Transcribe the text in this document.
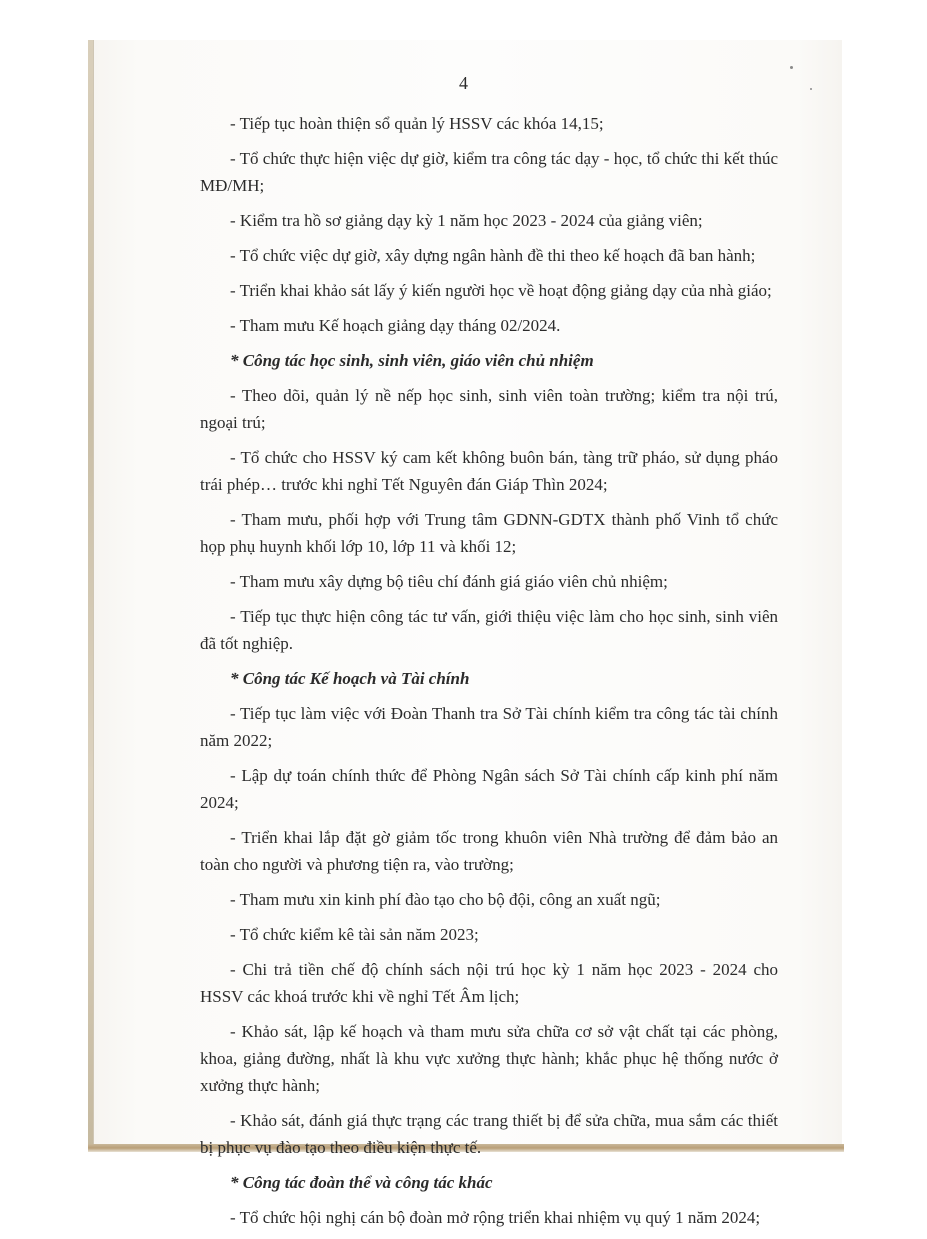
4

- Tiếp tục hoàn thiện sổ quản lý HSSV các khóa 14,15;

- Tổ chức thực hiện việc dự giờ, kiểm tra công tác dạy - học, tổ chức thi kết thúc MĐ/MH;

- Kiểm tra hồ sơ giảng dạy kỳ 1 năm học 2023 - 2024 của giảng viên;

- Tổ chức việc dự giờ, xây dựng ngân hành đề thi theo kế hoạch đã ban hành;

- Triển khai khảo sát lấy ý kiến người học về hoạt động giảng dạy của nhà giáo;

- Tham mưu Kế hoạch giảng dạy tháng 02/2024.

* Công tác học sinh, sinh viên, giáo viên chủ nhiệm

- Theo dõi, quản lý nề nếp học sinh, sinh viên toàn trường; kiểm tra nội trú, ngoại trú;

- Tổ chức cho HSSV ký cam kết không buôn bán, tàng trữ pháo, sử dụng pháo trái phép… trước khi nghỉ Tết Nguyên đán Giáp Thìn 2024;

- Tham mưu, phối hợp với Trung tâm GDNN-GDTX thành phố Vinh tổ chức họp phụ huynh khối lớp 10, lớp 11 và khối 12;

- Tham mưu xây dựng bộ tiêu chí đánh giá giáo viên chủ nhiệm;

- Tiếp tục thực hiện công tác tư vấn, giới thiệu việc làm cho học sinh, sinh viên đã tốt nghiệp.

* Công tác Kế hoạch và Tài chính

- Tiếp tục làm việc với Đoàn Thanh tra Sở Tài chính kiểm tra công tác tài chính năm 2022;

- Lập dự toán chính thức để Phòng Ngân sách Sở Tài chính cấp kinh phí năm 2024;

- Triển khai lắp đặt gờ giảm tốc trong khuôn viên Nhà trường để đảm bảo an toàn cho người và phương tiện ra, vào trường;

- Tham mưu xin kinh phí đào tạo cho bộ đội, công an xuất ngũ;

- Tổ chức kiểm kê tài sản năm 2023;

- Chi trả tiền chế độ chính sách nội trú học kỳ 1 năm học 2023 - 2024 cho HSSV các khoá trước khi về nghỉ Tết Âm lịch;

- Khảo sát, lập kế hoạch và tham mưu sửa chữa cơ sở vật chất tại các phòng, khoa, giảng đường, nhất là khu vực xưởng thực hành; khắc phục hệ thống nước ở xưởng thực hành;

- Khảo sát, đánh giá thực trạng các trang thiết bị để sửa chữa, mua sắm các thiết bị phục vụ đào tạo theo điều kiện thực tế.

* Công tác đoàn thể và công tác khác

- Tổ chức hội nghị cán bộ đoàn mở rộng triển khai nhiệm vụ quý 1 năm 2024;
